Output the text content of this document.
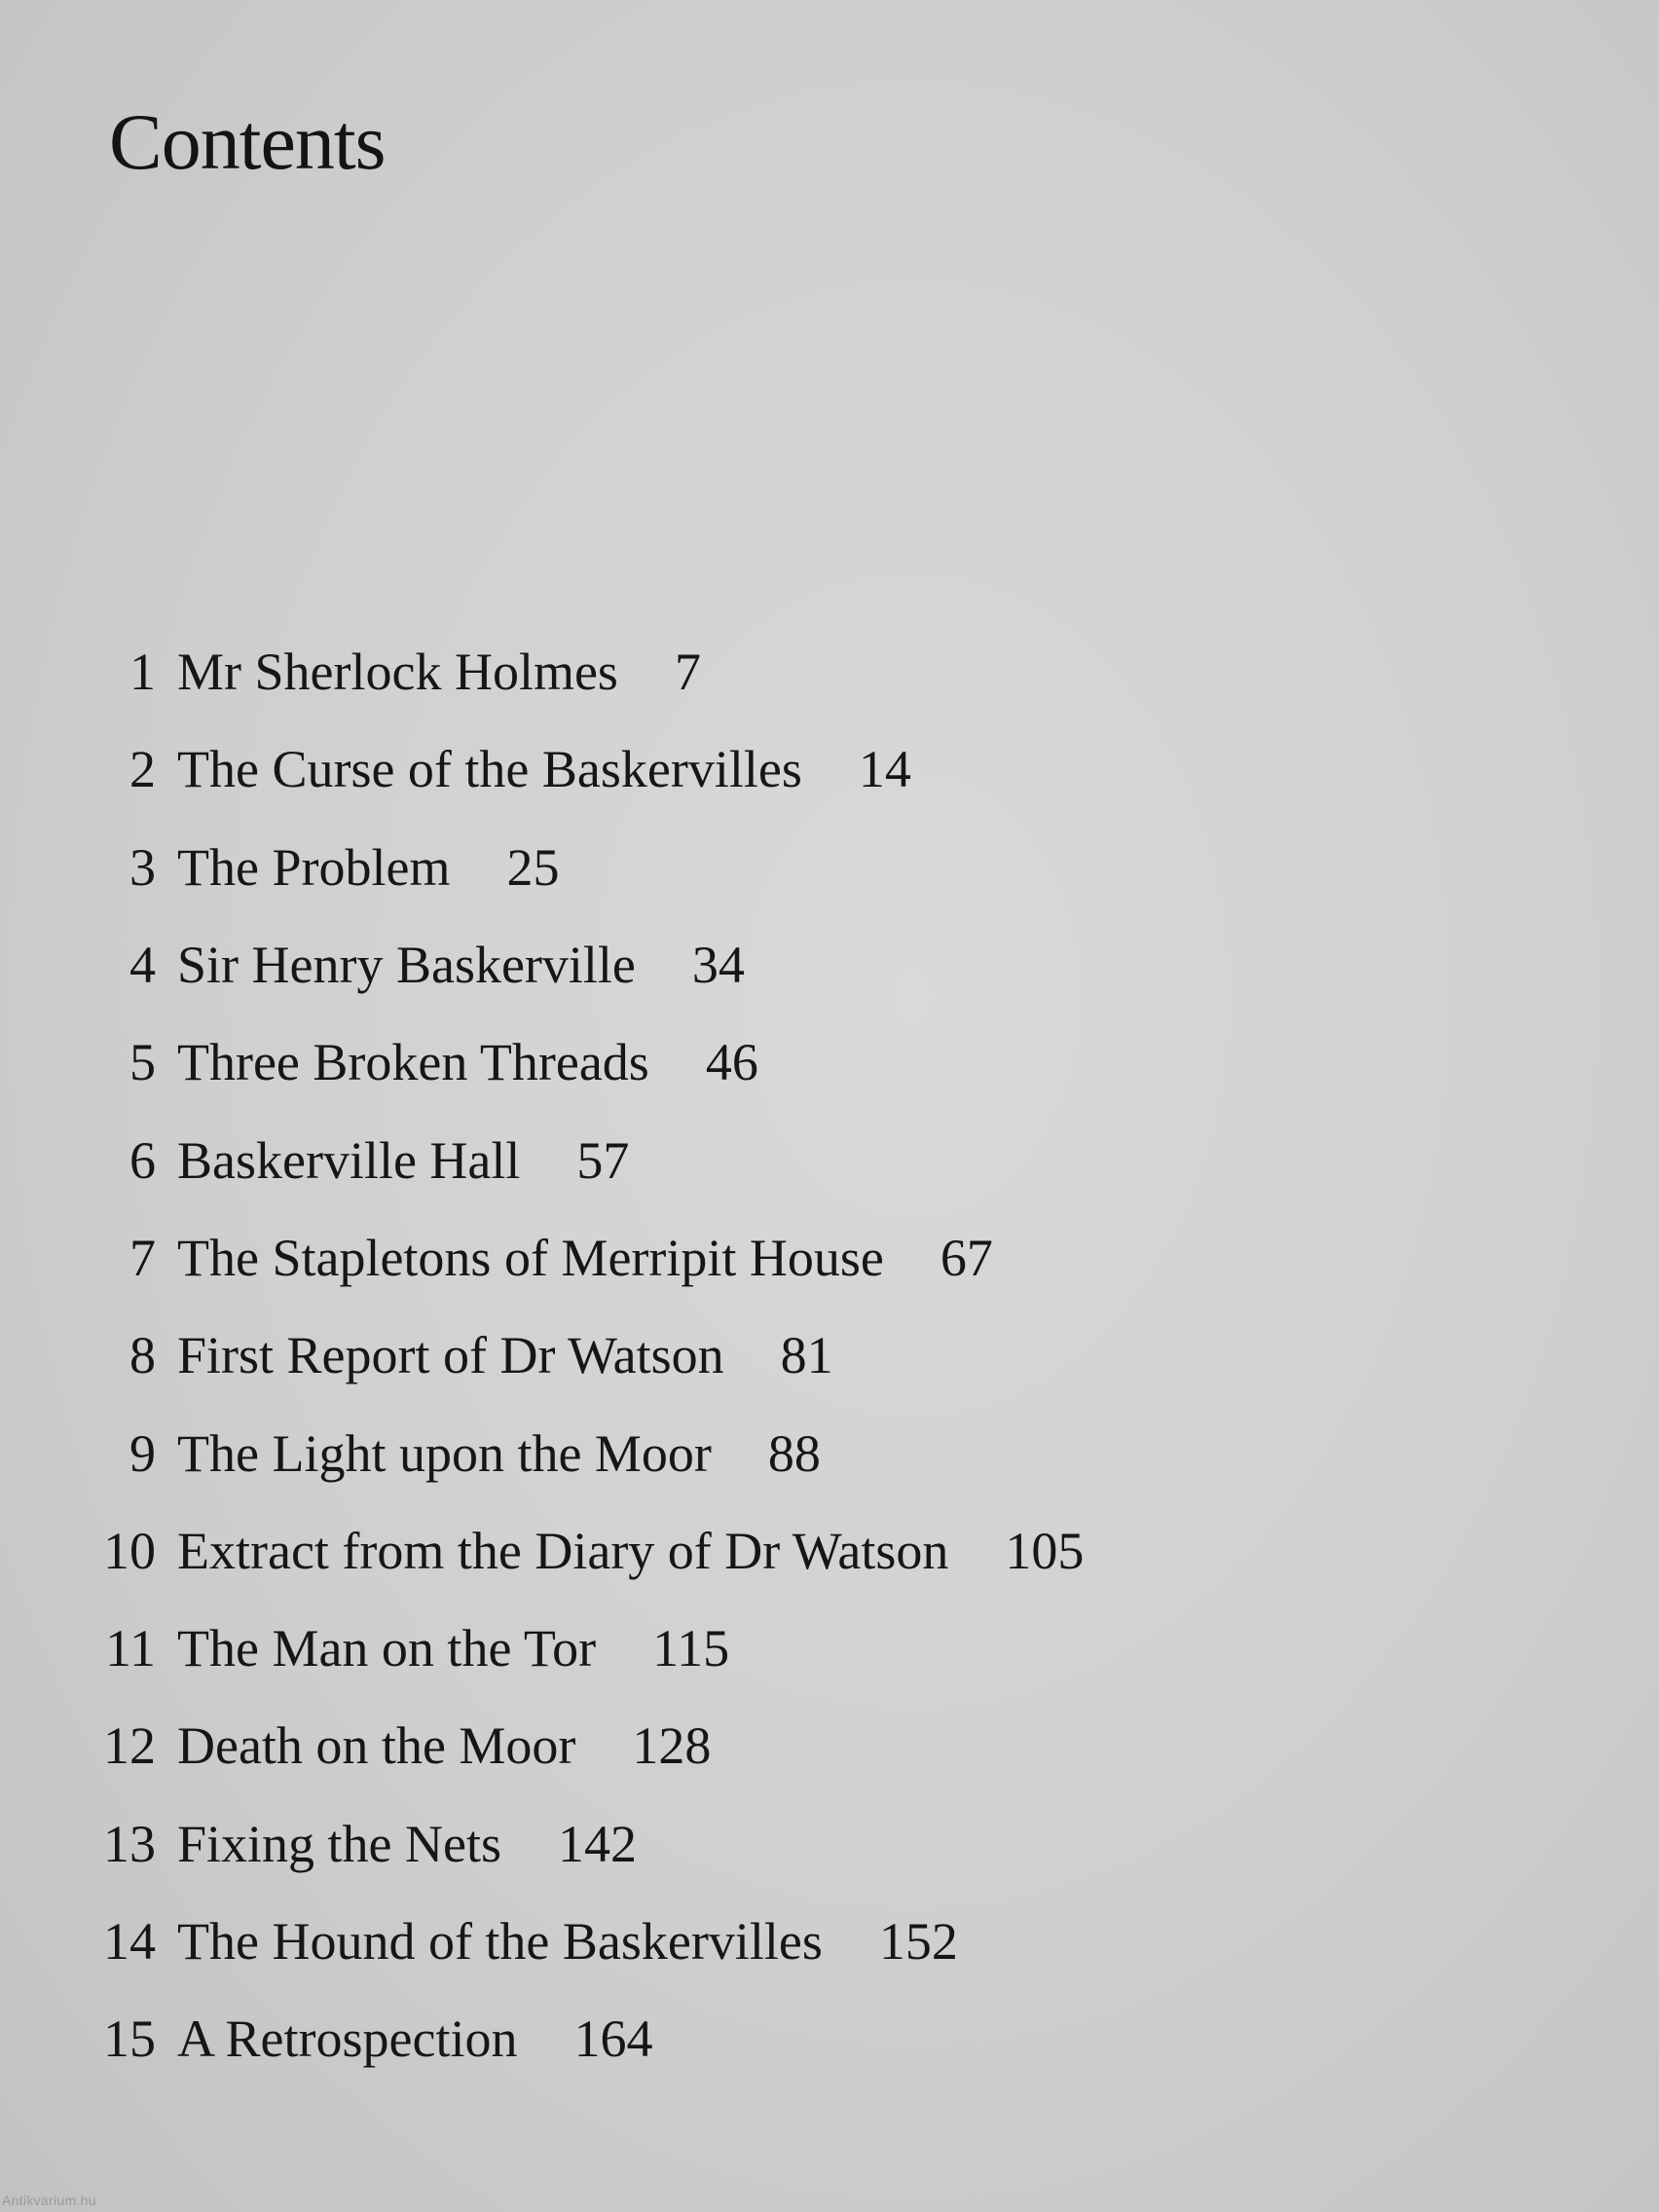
Contents
1 Mr Sherlock Holmes 7
2 The Curse of the Baskervilles 14
3 The Problem 25
4 Sir Henry Baskerville 34
5 Three Broken Threads 46
6 Baskerville Hall 57
7 The Stapletons of Merripit House 67
8 First Report of Dr Watson 81
9 The Light upon the Moor 88
10 Extract from the Diary of Dr Watson 105
11 The Man on the Tor 115
12 Death on the Moor 128
13 Fixing the Nets 142
14 The Hound of the Baskervilles 152
15 A Retrospection 164
Antikvarium.hu
